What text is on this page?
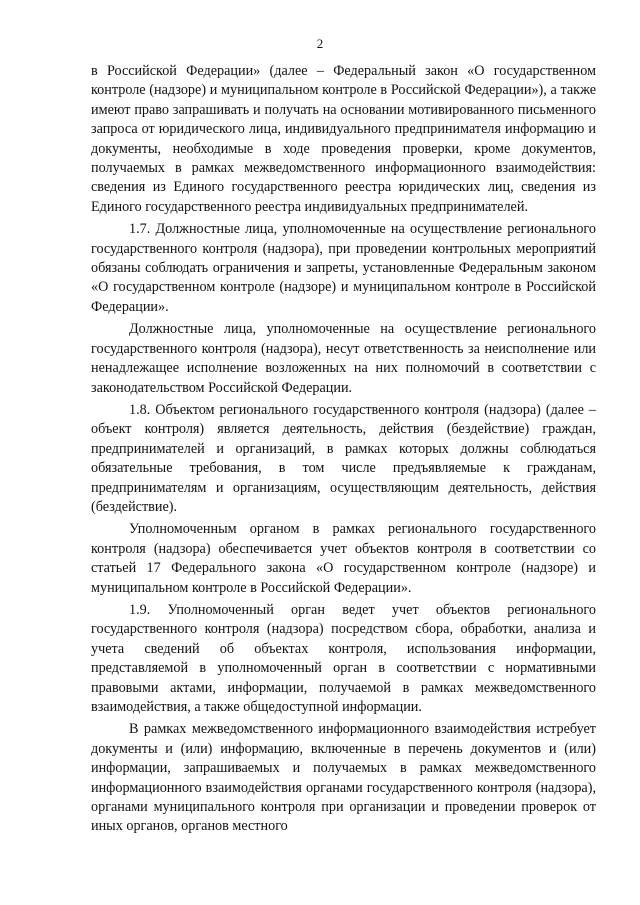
2

в Российской Федерации» (далее – Федеральный закон «О государственном контроле (надзоре) и муниципальном контроле в Российской Федерации»), а также имеют право запрашивать и получать на основании мотивированного письменного запроса от юридического лица, индивидуального предпринимателя информацию и документы, необходимые в ходе проведения проверки, кроме документов, получаемых в рамках межведомственного информационного взаимодействия: сведения из Единого государственного реестра юридических лиц, сведения из Единого государственного реестра индивидуальных предпринимателей.

1.7. Должностные лица, уполномоченные на осуществление регионального государственного контроля (надзора), при проведении контрольных мероприятий обязаны соблюдать ограничения и запреты, установленные Федеральным законом «О государственном контроле (надзоре) и муниципальном контроле в Российской Федерации».

Должностные лица, уполномоченные на осуществление регионального государственного контроля (надзора), несут ответственность за неисполнение или ненадлежащее исполнение возложенных на них полномочий в соответствии с законодательством Российской Федерации.

1.8. Объектом регионального государственного контроля (надзора) (далее – объект контроля) является деятельность, действия (бездействие) граждан, предпринимателей и организаций, в рамках которых должны соблюдаться обязательные требования, в том числе предъявляемые к гражданам, предпринимателям и организациям, осуществляющим деятельность, действия (бездействие).

Уполномоченным органом в рамках регионального государственного контроля (надзора) обеспечивается учет объектов контроля в соответствии со статьей 17 Федерального закона «О государственном контроле (надзоре) и муниципальном контроле в Российской Федерации».

1.9. Уполномоченный орган ведет учет объектов регионального государственного контроля (надзора) посредством сбора, обработки, анализа и учета сведений об объектах контроля, использования информации, представляемой в уполномоченный орган в соответствии с нормативными правовыми актами, информации, получаемой в рамках межведомственного взаимодействия, а также общедоступной информации.

В рамках межведомственного информационного взаимодействия истребует документы и (или) информацию, включенные в перечень документов и (или) информации, запрашиваемых и получаемых в рамках межведомственного информационного взаимодействия органами государственного контроля (надзора), органами муниципального контроля при организации и проведении проверок от иных органов, органов местного
